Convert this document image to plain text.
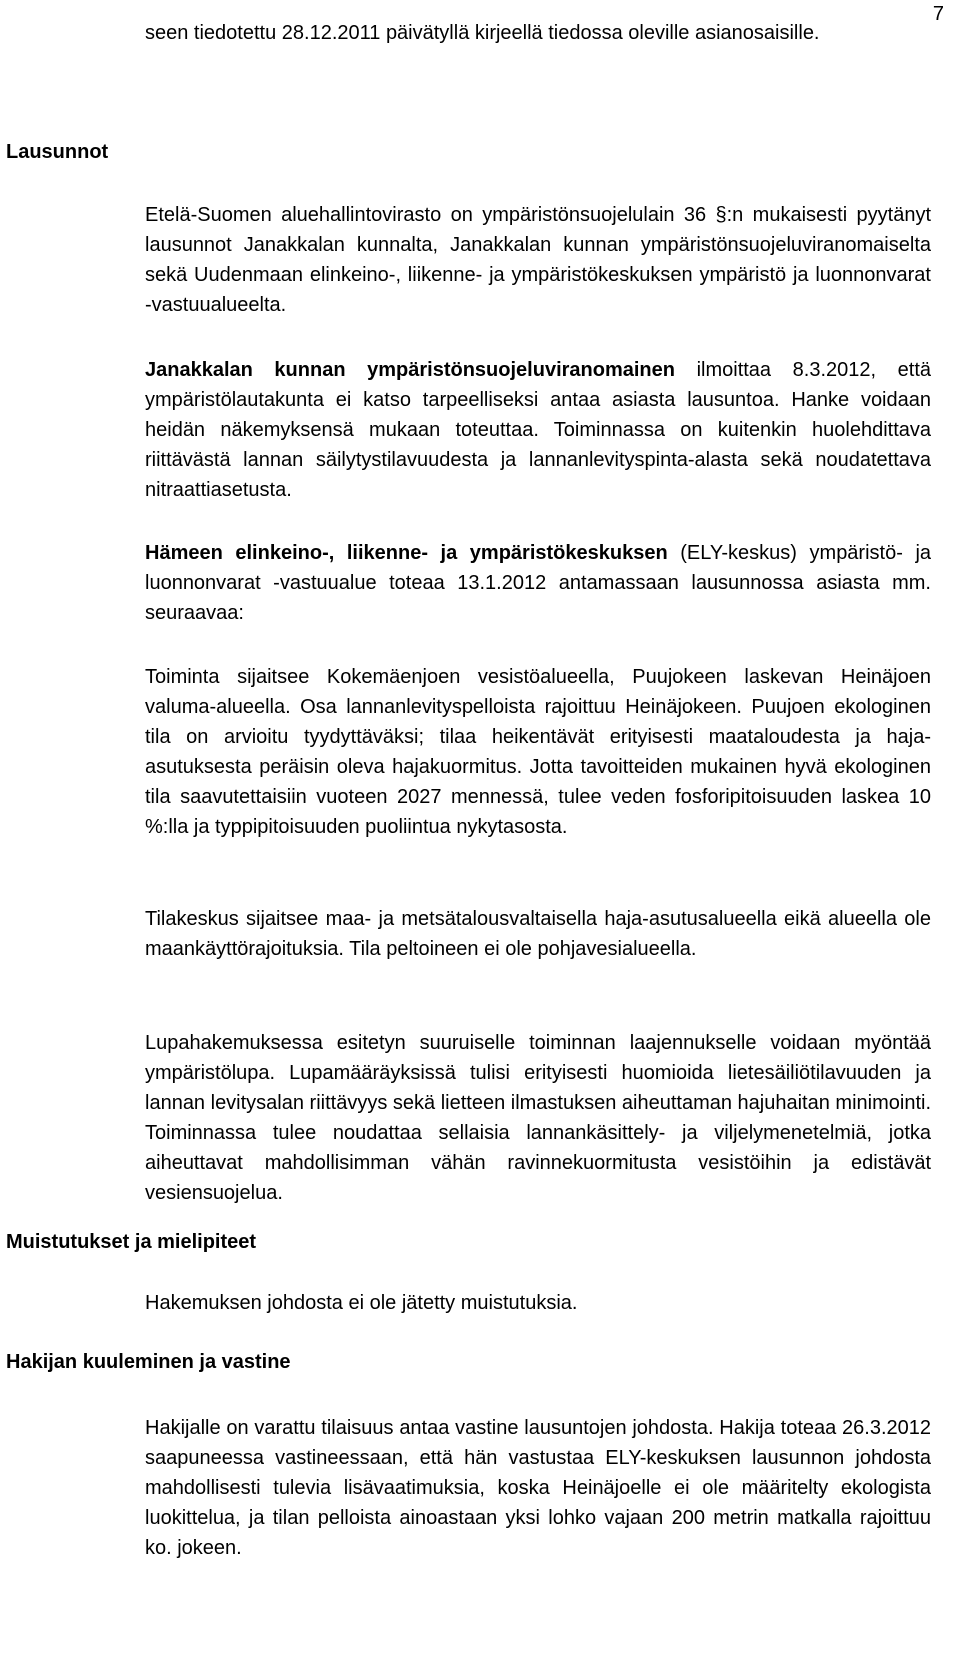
7

seen tiedotettu 28.12.2011 päivätyllä kirjeellä tiedossa oleville asianosaisille.

Lausunnot

Etelä-Suomen aluehallintovirasto on ympäristönsuojelulain 36 §:n mukaisesti pyytänyt lausunnot Janakkalan kunnalta, Janakkalan kunnan ympäristönsuojeluviranomaiselta sekä Uudenmaan elinkeino-, liikenne- ja ympäristökeskuksen ympäristö ja luonnonvarat -vastuualueelta.

Janakkalan kunnan ympäristönsuojeluviranomainen ilmoittaa 8.3.2012, että ympäristölautakunta ei katso tarpeelliseksi antaa asiasta lausuntoa. Hanke voidaan heidän näkemyksensä mukaan toteuttaa. Toiminnassa on kuitenkin huolehdittava riittävästä lannan säilytystilavuudesta ja lannanlevityspinta-alasta sekä noudatettava nitraattiasetusta.

Hämeen elinkeino-, liikenne- ja ympäristökeskuksen (ELY-keskus) ympäristö- ja luonnonvarat -vastuualue toteaa 13.1.2012 antamassaan lausunnossa asiasta mm. seuraavaa:

Toiminta sijaitsee Kokemäenjoen vesistöalueella, Puujokeen laskevan Heinäjoen valuma-alueella. Osa lannanlevityspelloista rajoittuu Heinäjokeen. Puujoen ekologinen tila on arvioitu tyydyttäväksi; tilaa heikentävät erityisesti maataloudesta ja haja-asutuksesta peräisin oleva hajakuormitus. Jotta tavoitteiden mukainen hyvä ekologinen tila saavutettaisiin vuoteen 2027 mennessä, tulee veden fosforipitoisuuden laskea 10 %:lla ja typpipitoisuuden puoliintua nykytasosta.

Tilakeskus sijaitsee maa- ja metsätalousvaltaisella haja-asutusalueella eikä alueella ole maankäyttörajoituksia. Tila peltoineen ei ole pohjavesialueella.

Lupahakemuksessa esitetyn suuruiselle toiminnan laajennukselle voidaan myöntää ympäristölupa. Lupamääräyksissä tulisi erityisesti huomioida lietesäiliötilavuuden ja lannan levitysalan riittävyys sekä lietteen ilmastuksen aiheuttaman hajuhaitan minimointi. Toiminnassa tulee noudattaa sellaisia lannankäsittely- ja viljelymenetelmiä, jotka aiheuttavat mahdollisimman vähän ravinnekuormitusta vesistöihin ja edistävät vesiensuojelua.

Muistutukset ja mielipiteet

Hakemuksen johdosta ei ole jätetty muistutuksia.

Hakijan kuuleminen ja vastine

Hakijalle on varattu tilaisuus antaa vastine lausuntojen johdosta. Hakija toteaa 26.3.2012 saapuneessa vastineessaan, että hän vastustaa ELY-keskuksen lausunnon johdosta mahdollisesti tulevia lisävaatimuksia, koska Heinäjoelle ei ole määritelty ekologista luokittelua, ja tilan pelloista ainoastaan yksi lohko vajaan 200 metrin matkalla rajoittuu ko. jokeen.
